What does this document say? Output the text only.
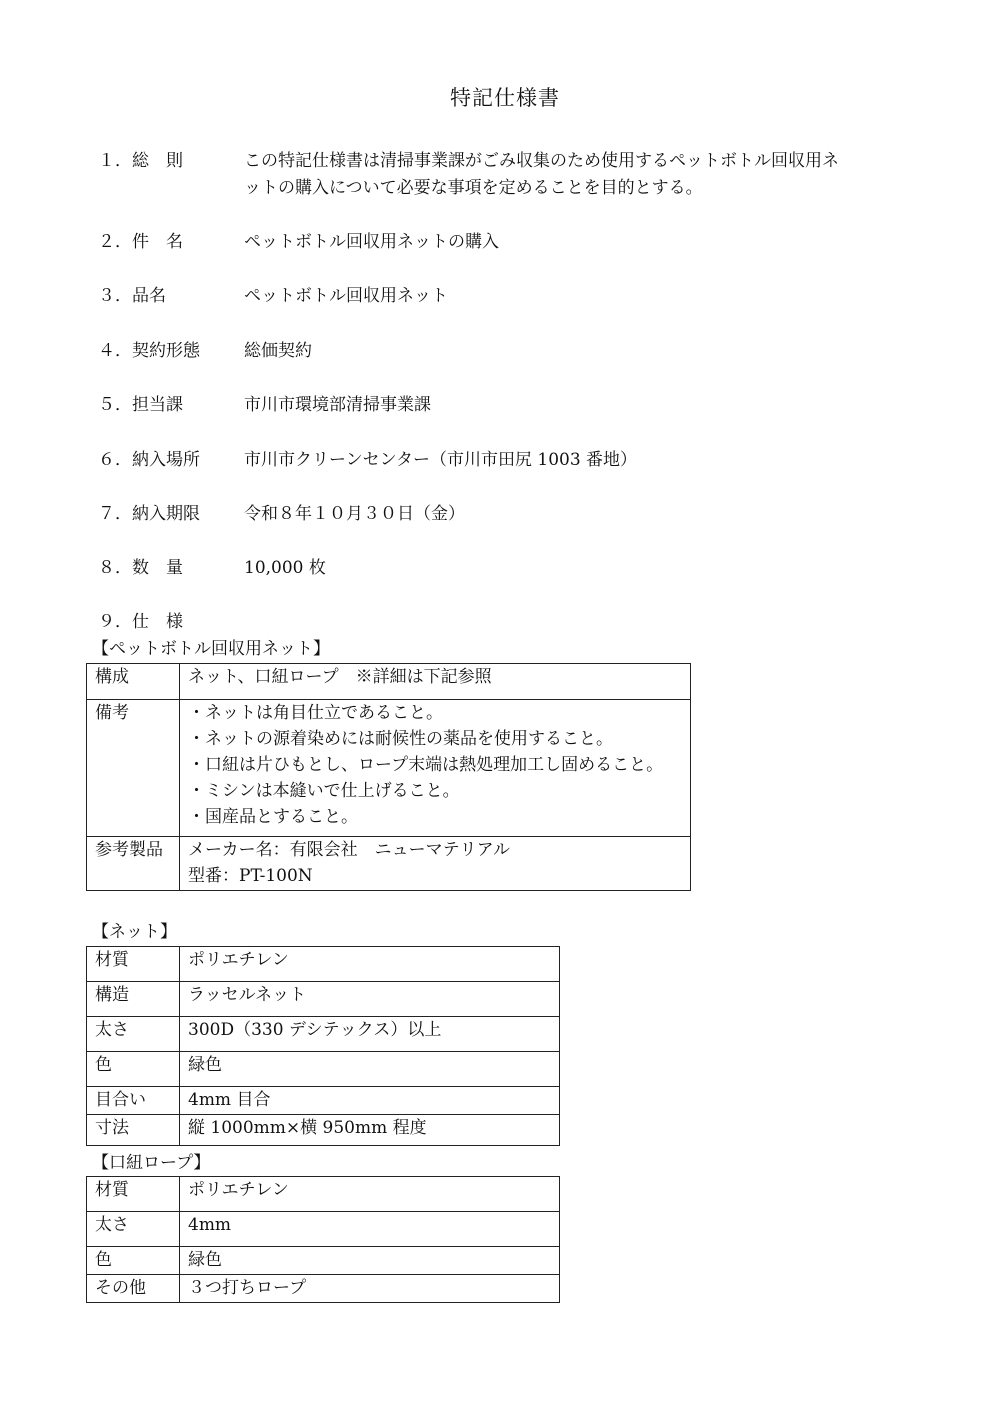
特記仕様書
１．総　則	この特記仕様書は清掃事業課がごみ収集のため使用するペットボトル回収用ネ
ットの購入について必要な事項を定めることを目的とする。
２．件　名	ペットボトル回収用ネットの購入
３．品名	ペットボトル回収用ネット
４．契約形態	総価契約
５．担当課	市川市環境部清掃事業課
６．納入場所	市川市クリーンセンター（市川市田尻 1003 番地）
７．納入期限	令和８年１０月３０日（金）
８．数　量	10,000 枚
９．仕　様
【ペットボトル回収用ネット】
構成	ネット、口紐ロープ　※詳細は下記参照

備考	・ネットは角目仕立であること。
・ネットの源着染めには耐候性の薬品を使用すること。
・口紐は片ひもとし、ロープ末端は熱処理加工し固めること。
・ミシンは本縫いで仕上げること。
・国産品とすること。

参考製品	メーカー名：有限会社　ニューマテリアル
型番：PT-100N
【ネット】
材質	ポリエチレン
構造	ラッセルネット
太さ	300D（330 デシテックス）以上
色	緑色
目合い	4mm 目合
寸法	縦 1000mm×横 950mm 程度
【口紐ロープ】
材質	ポリエチレン
太さ	4mm
色	緑色
その他	３つ打ちロープ
